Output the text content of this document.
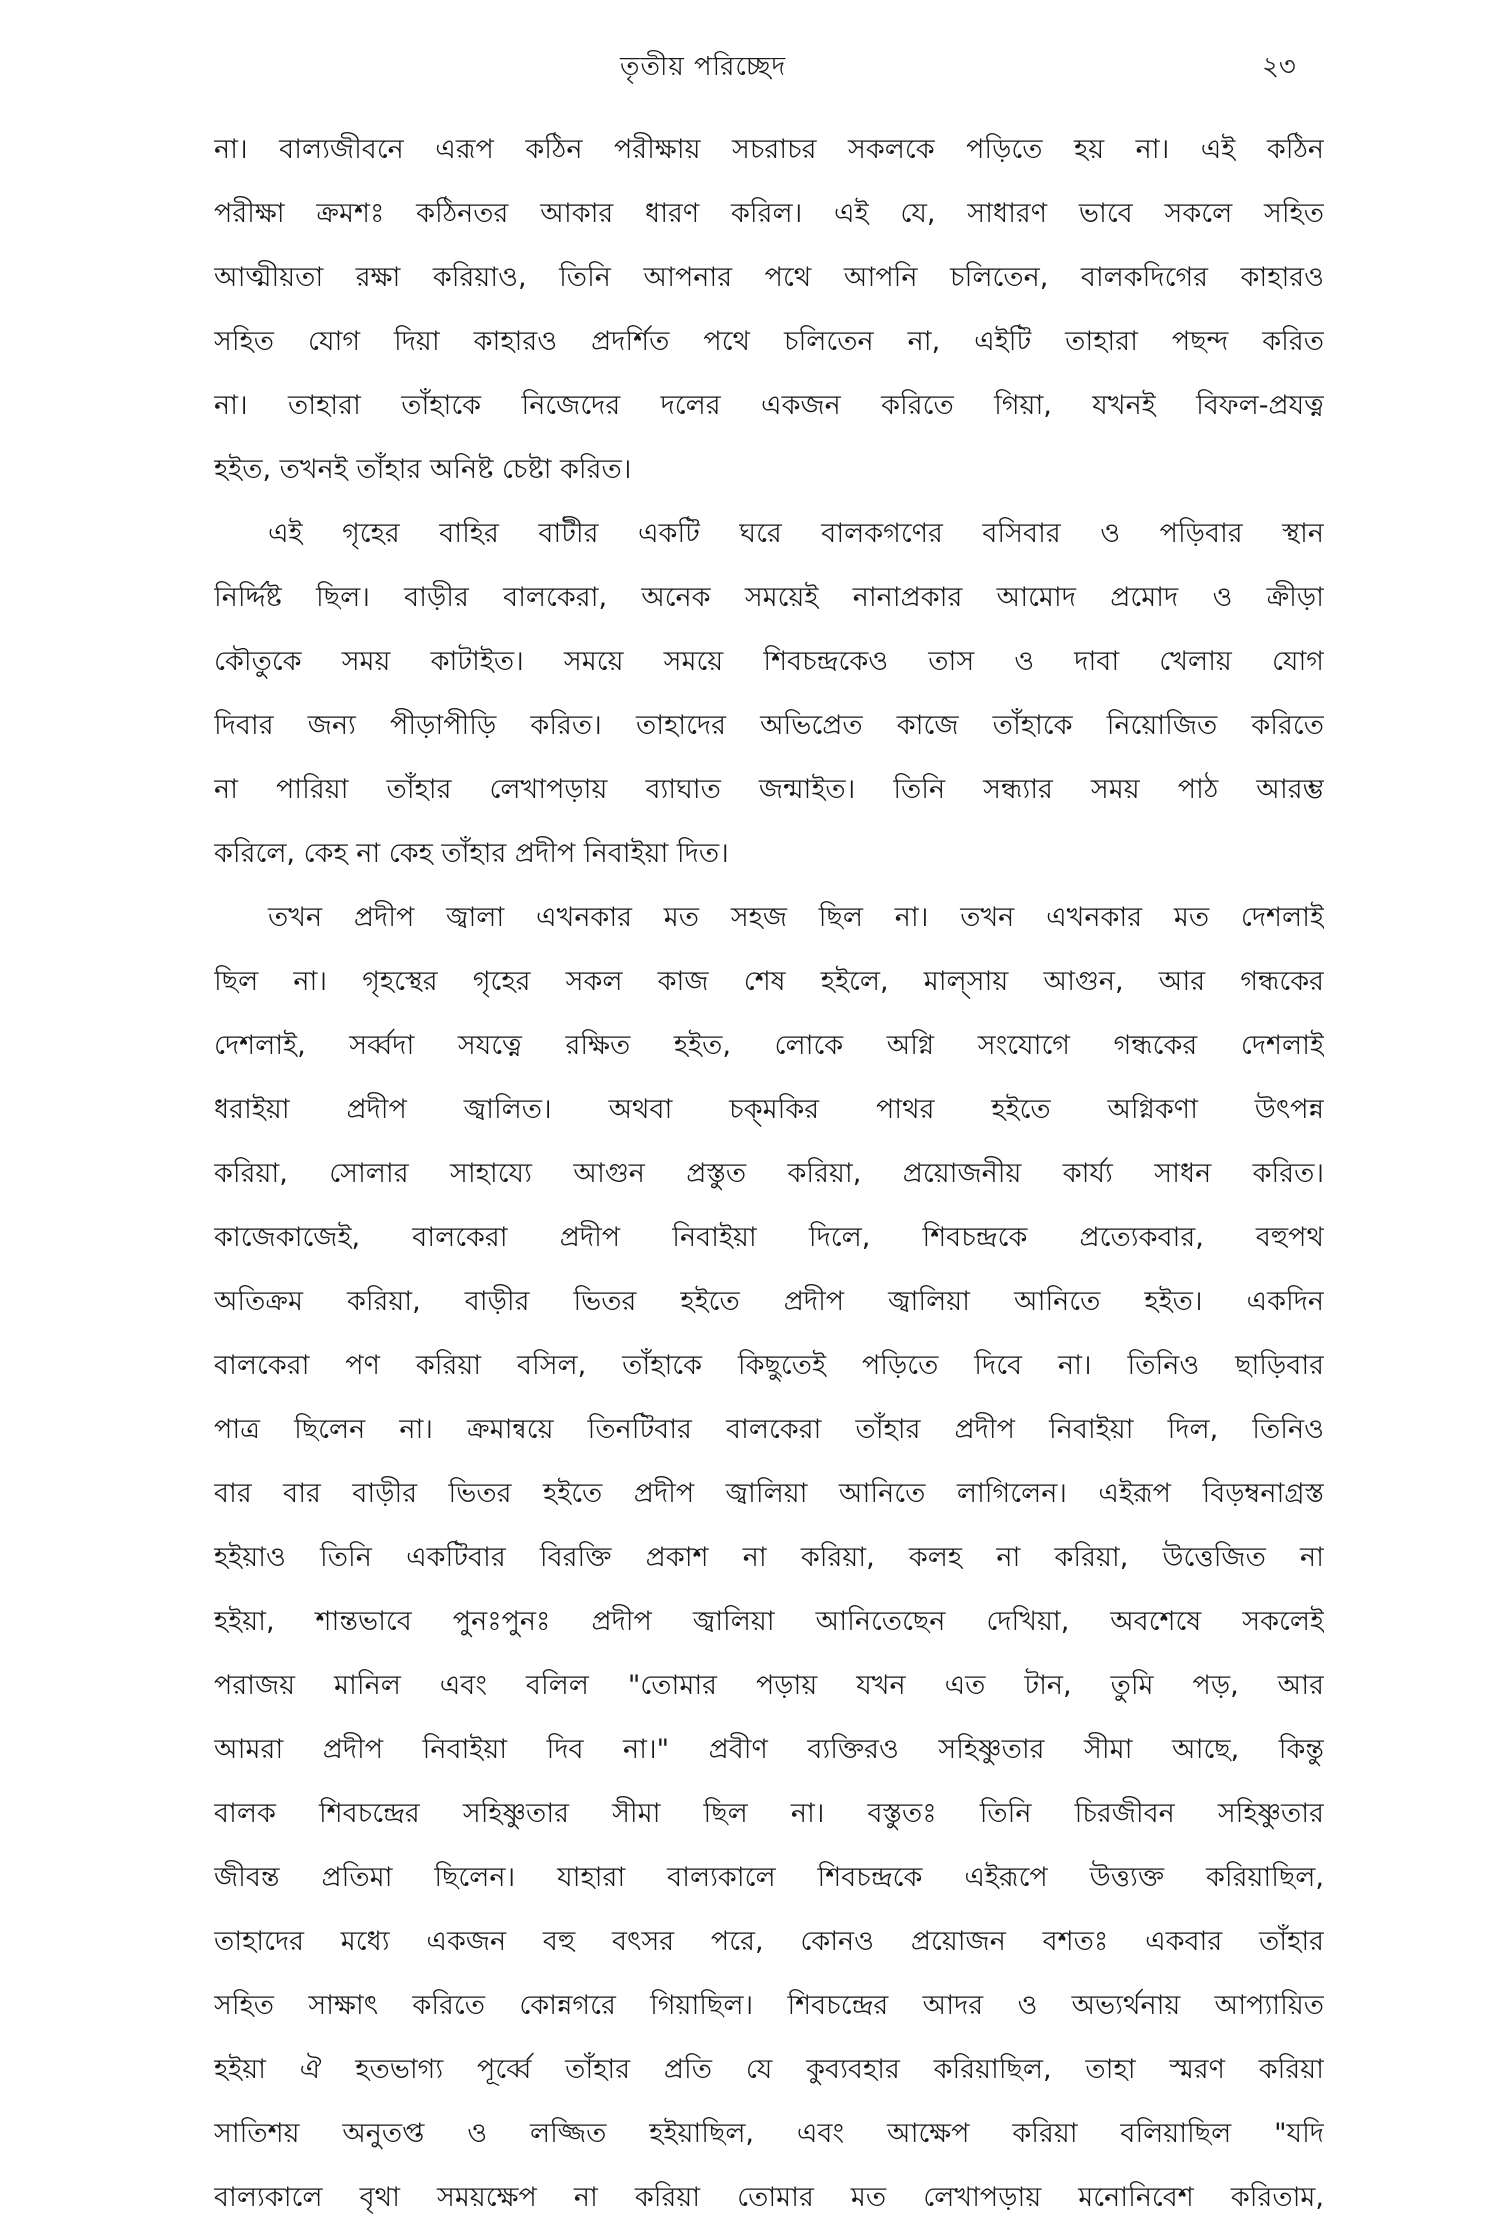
তৃতীয় পরিচ্ছেদ	২৩
না। বাল্যজীবনে এরূপ কঠিন পরীক্ষায় সচরাচর সকলকে পড়িতে হয় না। এই কঠিন
পরীক্ষা ক্রমশঃ কঠিনতর আকার ধারণ করিল। এই যে, সাধারণ ভাবে সকলে সহিত
আত্মীয়তা রক্ষা করিয়াও, তিনি আপনার পথে আপনি চলিতেন, বালকদিগের কাহারও
সহিত যোগ দিয়া কাহারও প্রদর্শিত পথে চলিতেন না, এইটি তাহারা পছন্দ করিত
না। তাহারা তাঁহাকে নিজেদের দলের একজন করিতে গিয়া, যখনই বিফল-প্রযত্ন
হইত, তখনই তাঁহার অনিষ্ট চেষ্টা করিত।
এই গৃহের বাহির বাটীর একটি ঘরে বালকগণের বসিবার ও পড়িবার স্থান
নির্দ্দিষ্ট ছিল। বাড়ীর বালকেরা, অনেক সময়েই নানাপ্রকার আমোদ প্রমোদ ও ক্রীড়া
কৌতুকে সময় কাটাইত। সময়ে সময়ে শিবচন্দ্রকেও তাস ও দাবা খেলায় যোগ
দিবার জন্য পীড়াপীড়ি করিত। তাহাদের অভিপ্রেত কাজে তাঁহাকে নিয়োজিত করিতে
না পারিয়া তাঁহার লেখাপড়ায় ব্যাঘাত জন্মাইত। তিনি সন্ধ্যার সময় পাঠ আরম্ভ
করিলে, কেহ না কেহ তাঁহার প্রদীপ নিবাইয়া দিত।
তখন প্রদীপ জ্বালা এখনকার মত সহজ ছিল না। তখন এখনকার মত দেশলাই
ছিল না। গৃহস্থের গৃহের সকল কাজ শেষ হইলে, মাল্সায় আগুন, আর গন্ধকের
দেশলাই, সর্ব্বদা সযত্নে রক্ষিত হইত, লোকে অগ্নি সংযোগে গন্ধকের দেশলাই
ধরাইয়া প্রদীপ জ্বালিত। অথবা চক্‌মকির পাথর হইতে অগ্নিকণা উৎপন্ন
করিয়া, সোলার সাহায্যে আগুন প্রস্তুত করিয়া, প্রয়োজনীয় কার্য্য সাধন করিত।
কাজেকাজেই, বালকেরা প্রদীপ নিবাইয়া দিলে, শিবচন্দ্রকে প্রত্যেকবার, বহুপথ
অতিক্রম করিয়া, বাড়ীর ভিতর হইতে প্রদীপ জ্বালিয়া আনিতে হইত। একদিন
বালকেরা পণ করিয়া বসিল, তাঁহাকে কিছুতেই পড়িতে দিবে না। তিনিও ছাড়িবার
পাত্র ছিলেন না। ক্রমান্বয়ে তিনটিবার বালকেরা তাঁহার প্রদীপ নিবাইয়া দিল, তিনিও
বার বার বাড়ীর ভিতর হইতে প্রদীপ জ্বালিয়া আনিতে লাগিলেন। এইরূপ বিড়ম্বনাগ্রস্ত
হইয়াও তিনি একটিবার বিরক্তি প্রকাশ না করিয়া, কলহ না করিয়া, উত্তেজিত না
হইয়া, শান্তভাবে পুনঃপুনঃ প্রদীপ জ্বালিয়া আনিতেছেন দেখিয়া, অবশেষে সকলেই
পরাজয় মানিল এবং বলিল "তোমার পড়ায় যখন এত টান, তুমি পড়, আর
আমরা প্রদীপ নিবাইয়া দিব না।" প্রবীণ ব্যক্তিরও সহিষ্ণুতার সীমা আছে, কিন্তু
বালক শিবচন্দ্রের সহিষ্ণুতার সীমা ছিল না। বস্তুতঃ তিনি চিরজীবন সহিষ্ণুতার
জীবন্ত প্রতিমা ছিলেন। যাহারা বাল্যকালে শিবচন্দ্রকে এইরূপে উত্ত্যক্ত করিয়াছিল,
তাহাদের মধ্যে একজন বহু বৎসর পরে, কোনও প্রয়োজন বশতঃ একবার তাঁহার
সহিত সাক্ষাৎ করিতে কোন্নগরে গিয়াছিল। শিবচন্দ্রের আদর ও অভ্যর্থনায় আপ্যায়িত
হইয়া ঐ হতভাগ্য পূর্ব্বে তাঁহার প্রতি যে কুব্যবহার করিয়াছিল, তাহা স্মরণ করিয়া
সাতিশয় অনুতপ্ত ও লজ্জিত হইয়াছিল, এবং আক্ষেপ করিয়া বলিয়াছিল "যদি
বাল্যকালে বৃথা সময়ক্ষেপ না করিয়া তোমার মত লেখাপড়ায় মনোনিবেশ করিতাম,
